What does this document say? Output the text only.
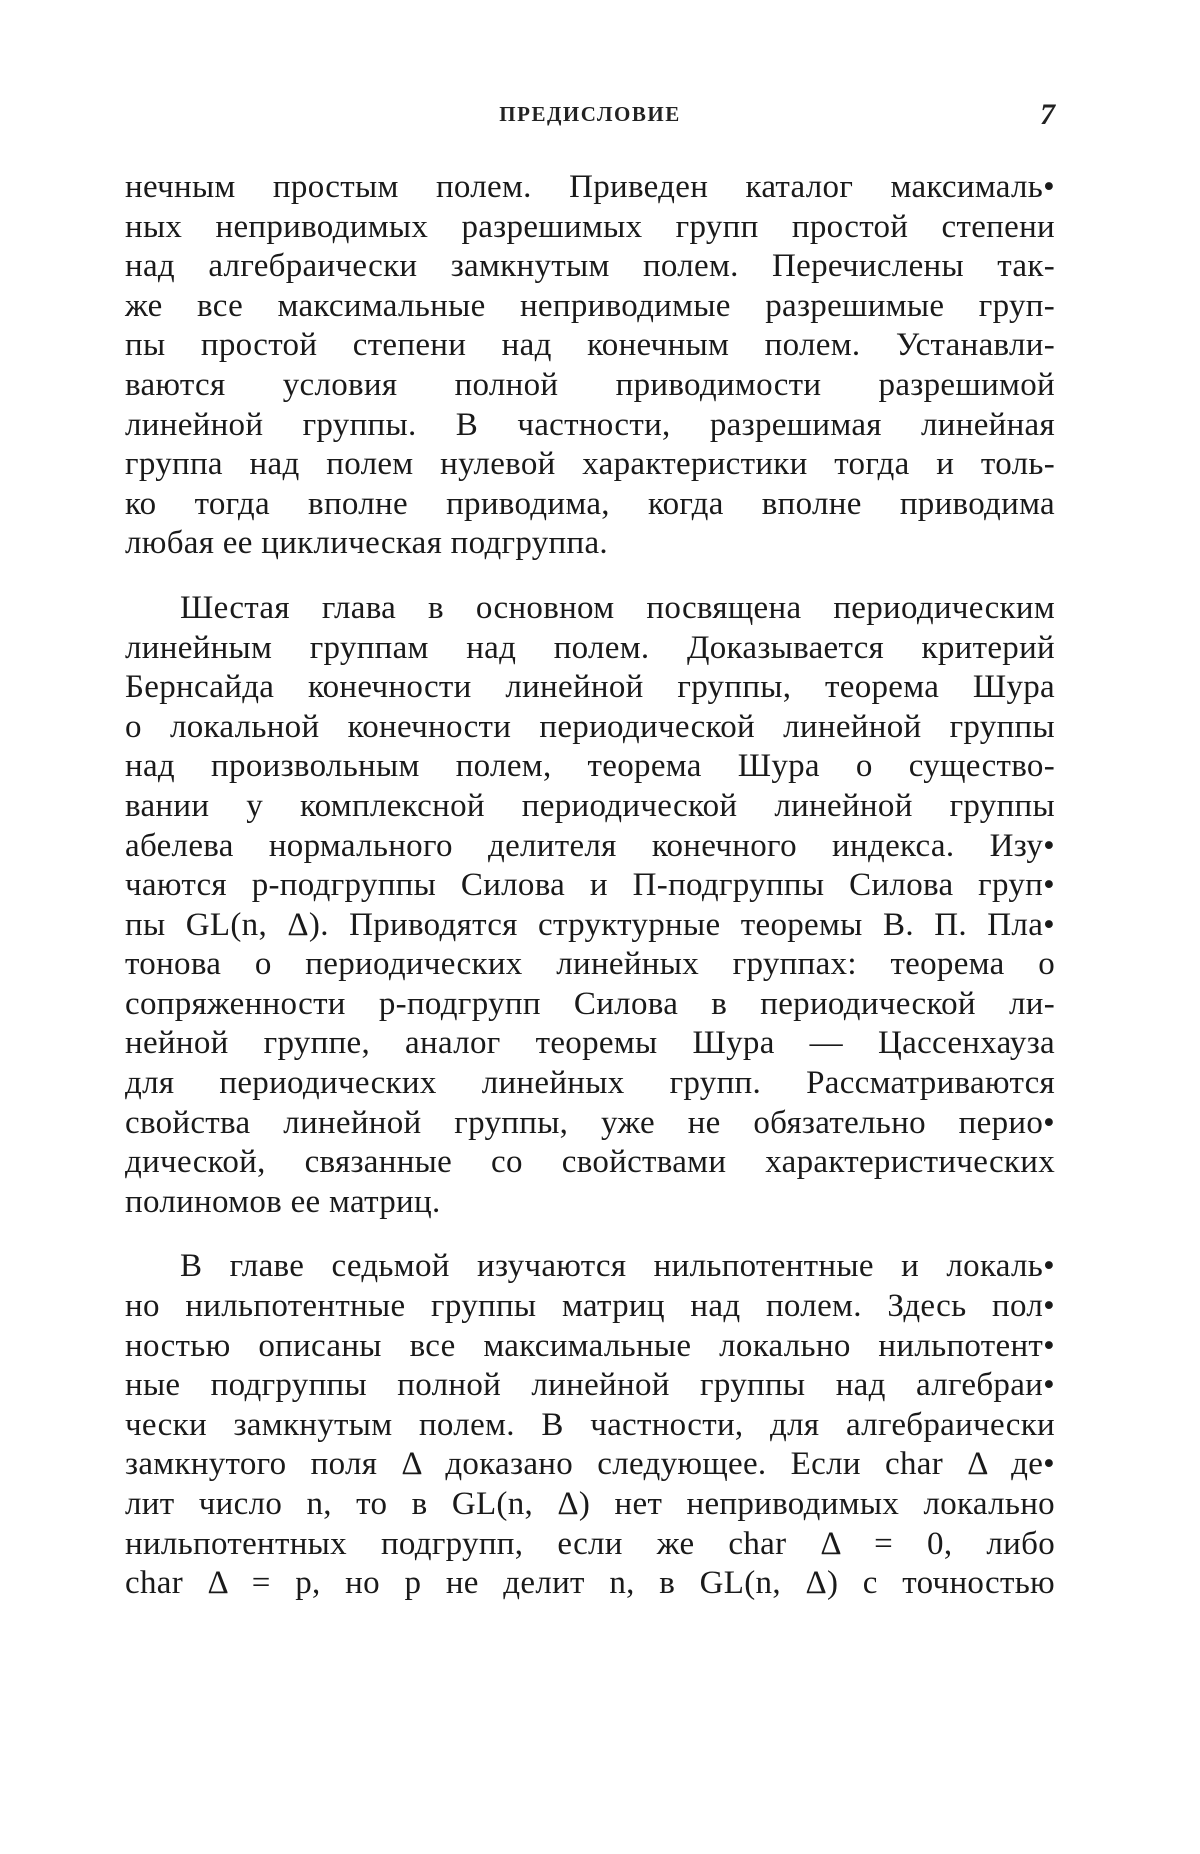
ПРЕДИСЛОВИЕ	7
нечным простым полем. Приведен каталог максималь•
ных неприводимых разрешимых групп простой степени
над алгебраически замкнутым полем. Перечислены так-
же все максимальные неприводимые разрешимые груп-
пы простой степени над конечным полем. Устанавли-
ваются условия полной приводимости разрешимой
линейной группы. В частности, разрешимая линейная
группа над полем нулевой характеристики тогда и толь-
ко тогда вполне приводима, когда вполне приводима
любая ее циклическая подгруппа.
Шестая глава в основном посвящена периодическим
линейным группам над полем. Доказывается критерий
Бернсайда конечности линейной группы, теорема Шура
о локальной конечности периодической линейной группы
над произвольным полем, теорема Шура о существо-
вании у комплексной периодической линейной группы
абелева нормального делителя конечного индекса. Изу•
чаются p-подгруппы Силова и П-подгруппы Силова груп•
пы GL(n, Δ). Приводятся структурные теоремы В. П. Пла•
тонова о периодических линейных группах: теорема о
сопряженности p-подгрупп Силова в периодической ли-
нейной группе, аналог теоремы Шура — Цассенхауза
для периодических линейных групп. Рассматриваются
свойства линейной группы, уже не обязательно перио•
дической, связанные со свойствами характеристических
полиномов ее матриц.
В главе седьмой изучаются нильпотентные и локаль•
но нильпотентные группы матриц над полем. Здесь пол•
ностью описаны все максимальные локально нильпотент•
ные подгруппы полной линейной группы над алгебраи•
чески замкнутым полем. В частности, для алгебраически
замкнутого поля Δ доказано следующее. Если char Δ де•
лит число n, то в GL(n, Δ) нет неприводимых локально
нильпотентных подгрупп, если же char Δ = 0, либо
char Δ = p, но p не делит n, в GL(n, Δ) с точностью
